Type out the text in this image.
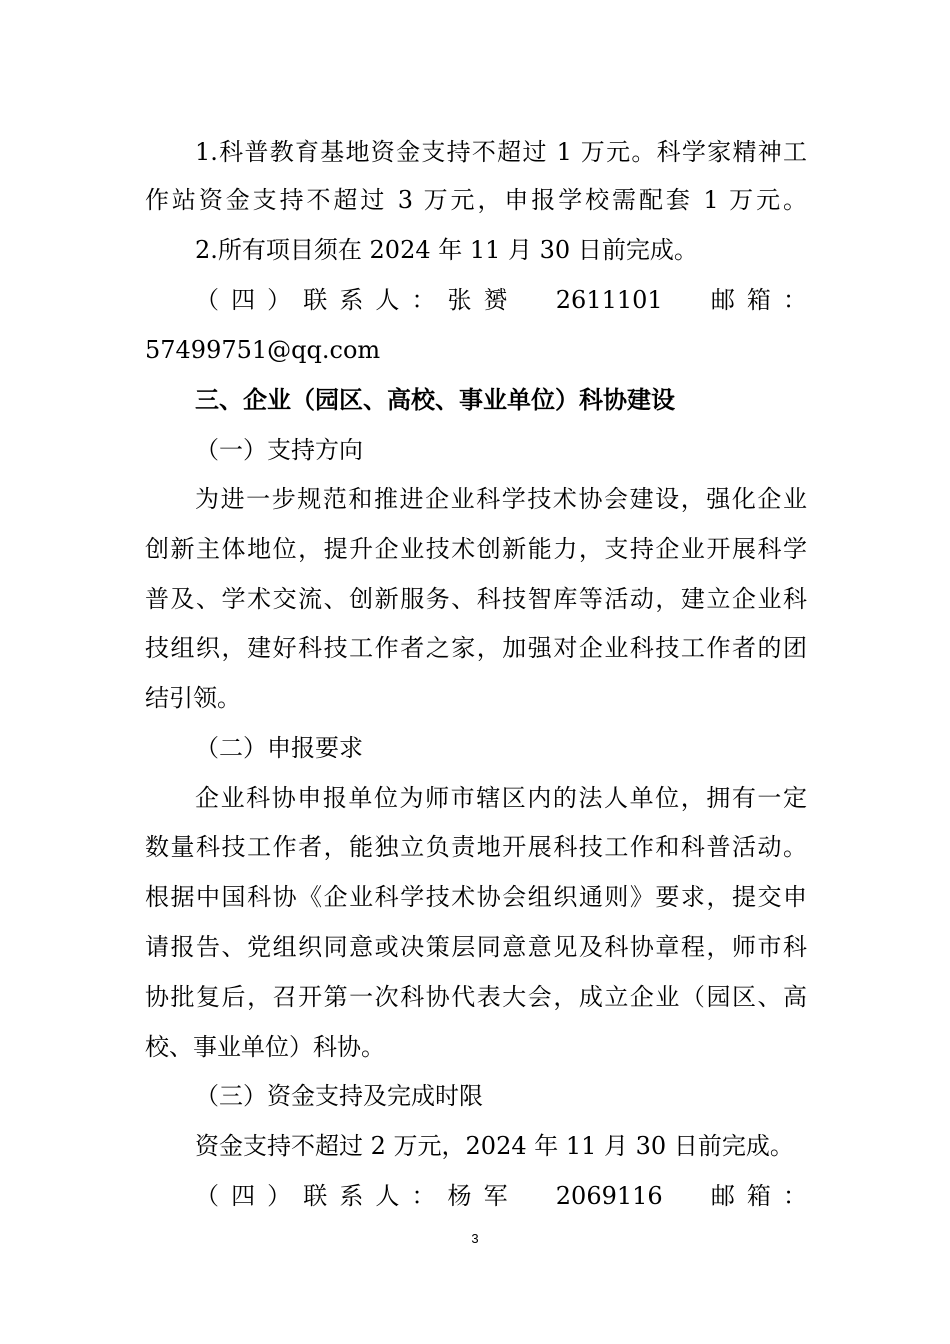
1.科普教育基地资金支持不超过 1 万元。科学家精神工
作站资金支持不超过 3 万元，申报学校需配套 1 万元。
2.所有项目须在 2024 年 11 月 30 日前完成。
（四）联系人：张赟　2611101　邮箱：
57499751@qq.com
三、企业（园区、高校、事业单位）科协建设
（一）支持方向
为进一步规范和推进企业科学技术协会建设，强化企业
创新主体地位，提升企业技术创新能力，支持企业开展科学
普及、学术交流、创新服务、科技智库等活动，建立企业科
技组织，建好科技工作者之家，加强对企业科技工作者的团
结引领。
（二）申报要求
企业科协申报单位为师市辖区内的法人单位，拥有一定
数量科技工作者，能独立负责地开展科技工作和科普活动。
根据中国科协《企业科学技术协会组织通则》要求，提交申
请报告、党组织同意或决策层同意意见及科协章程，师市科
协批复后，召开第一次科协代表大会，成立企业（园区、高
校、事业单位）科协。
（三）资金支持及完成时限
资金支持不超过 2 万元，2024 年 11 月 30 日前完成。
（四）联系人：杨军　2069116　邮箱：
3
